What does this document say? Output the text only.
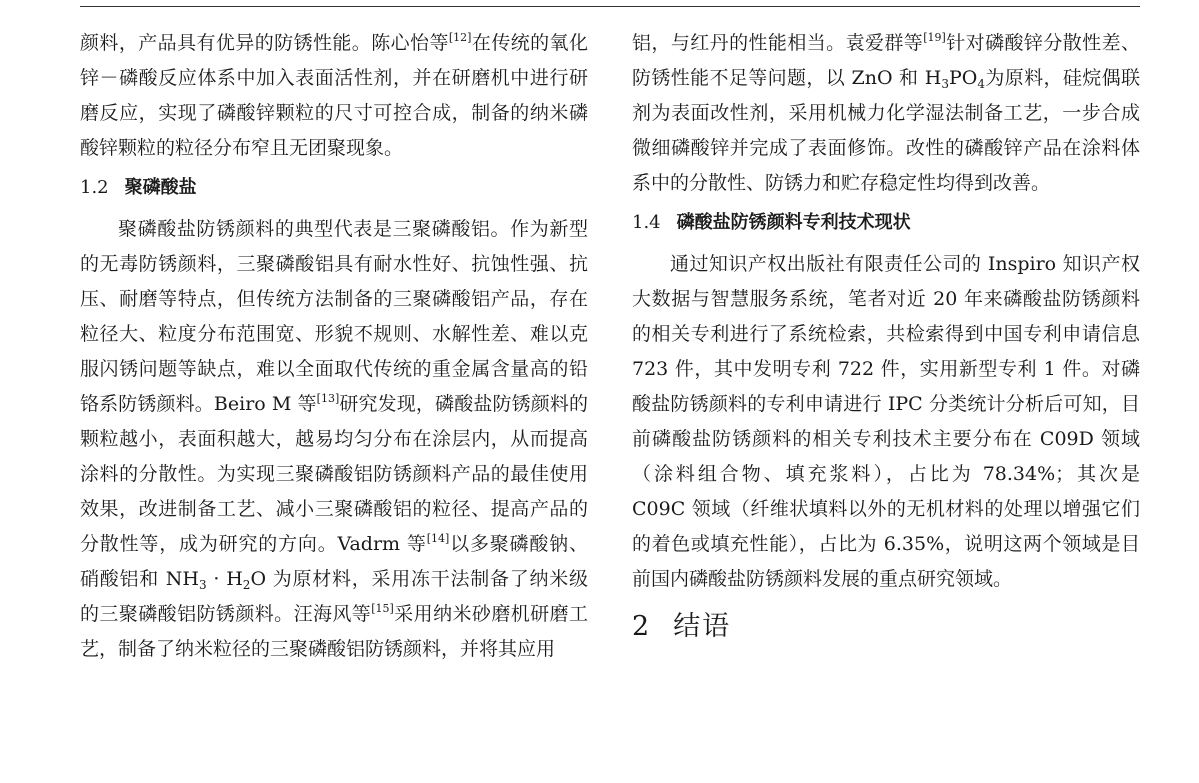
颜料，产品具有优异的防锈性能。陈心怡等[12]在传统的氧化锌－磷酸反应体系中加入表面活性剂，并在研磨机中进行研磨反应，实现了磷酸锌颗粒的尺寸可控合成，制备的纳米磷酸锌颗粒的粒径分布窄且无团聚现象。

1.2 聚磷酸盐

聚磷酸盐防锈颜料的典型代表是三聚磷酸铝。作为新型的无毒防锈颜料，三聚磷酸铝具有耐水性好、抗蚀性强、抗压、耐磨等特点，但传统方法制备的三聚磷酸铝产品，存在粒径大、粒度分布范围宽、形貌不规则、水解性差、难以克服闪锈问题等缺点，难以全面取代传统的重金属含量高的铅铬系防锈颜料。Beiro M 等[13]研究发现，磷酸盐防锈颜料的颗粒越小，表面积越大，越易均匀分布在涂层内，从而提高涂料的分散性。为实现三聚磷酸铝防锈颜料产品的最佳使用效果，改进制备工艺、减小三聚磷酸铝的粒径、提高产品的分散性等，成为研究的方向。Vadrm 等[14]以多聚磷酸钠、硝酸铝和 $NH_3 \cdot H_2O$ 为原材料，采用冻干法制备了纳米级的三聚磷酸铝防锈颜料。汪海风等[15]采用纳米砂磨机研磨工艺，制备了纳米粒径的三聚磷酸铝防锈颜料，并将其应用

铝，与红丹的性能相当。袁爱群等[19]针对磷酸锌分散性差、防锈性能不足等问题，以 ZnO 和 $H_3PO_4$为原料，硅烷偶联剂为表面改性剂，采用机械力化学湿法制备工艺，一步合成微细磷酸锌并完成了表面修饰。改性的磷酸锌产品在涂料体系中的分散性、防锈力和贮存稳定性均得到改善。

1.4 磷酸盐防锈颜料专利技术现状

通过知识产权出版社有限责任公司的 Inspiro 知识产权大数据与智慧服务系统，笔者对近 20 年来磷酸盐防锈颜料的相关专利进行了系统检索，共检索得到中国专利申请信息 723 件，其中发明专利 722 件，实用新型专利 1 件。对磷酸盐防锈颜料的专利申请进行 IPC 分类统计分析后可知，目前磷酸盐防锈颜料的相关专利技术主要分布在 C09D 领域（涂料组合物、填充浆料），占比为 78.34%；其次是 C09C 领域（纤维状填料以外的无机材料的处理以增强它们的着色或填充性能），占比为 6.35%，说明这两个领域是目前国内磷酸盐防锈颜料发展的重点研究领域。

2 结语
